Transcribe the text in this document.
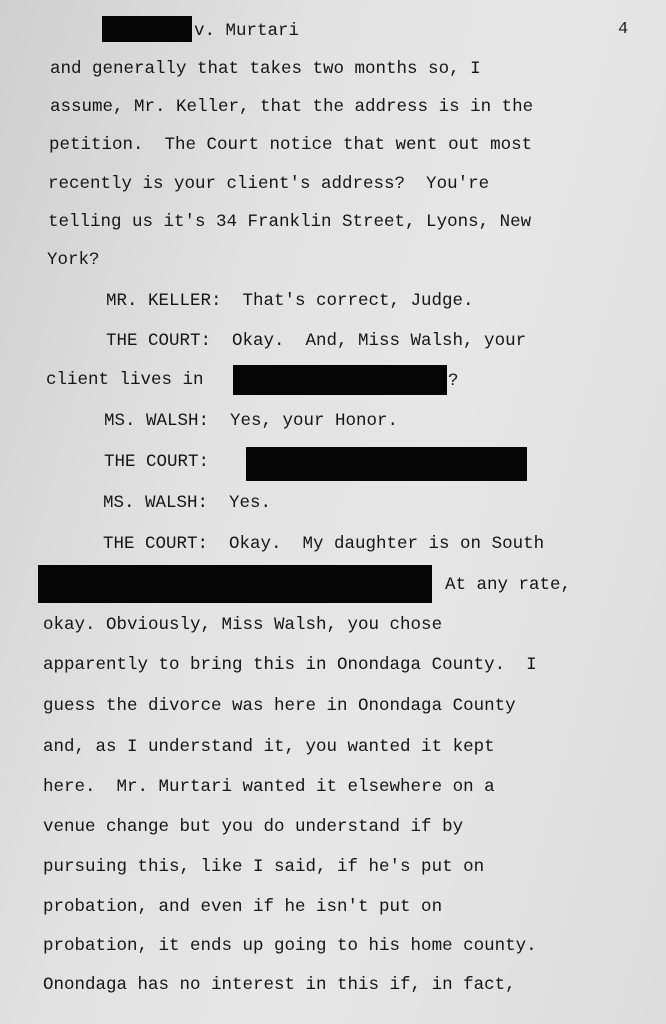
v. Murtari	4
and generally that takes two months so, I
assume, Mr. Keller, that the address is in the
petition.  The Court notice that went out most
recently is your client's address?  You're
telling us it's 34 Franklin Street, Lyons, New
York?
MR. KELLER:  That's correct, Judge.
THE COURT:  Okay.  And, Miss Walsh, your
client lives in	?
MS. WALSH:  Yes, your Honor.
THE COURT:
MS. WALSH:  Yes.
THE COURT:  Okay.  My daughter is on South
At any rate,
okay. Obviously, Miss Walsh, you chose
apparently to bring this in Onondaga County.  I
guess the divorce was here in Onondaga County
and, as I understand it, you wanted it kept
here.  Mr. Murtari wanted it elsewhere on a
venue change but you do understand if by
pursuing this, like I said, if he's put on
probation, and even if he isn't put on
probation, it ends up going to his home county.
Onondaga has no interest in this if, in fact,
